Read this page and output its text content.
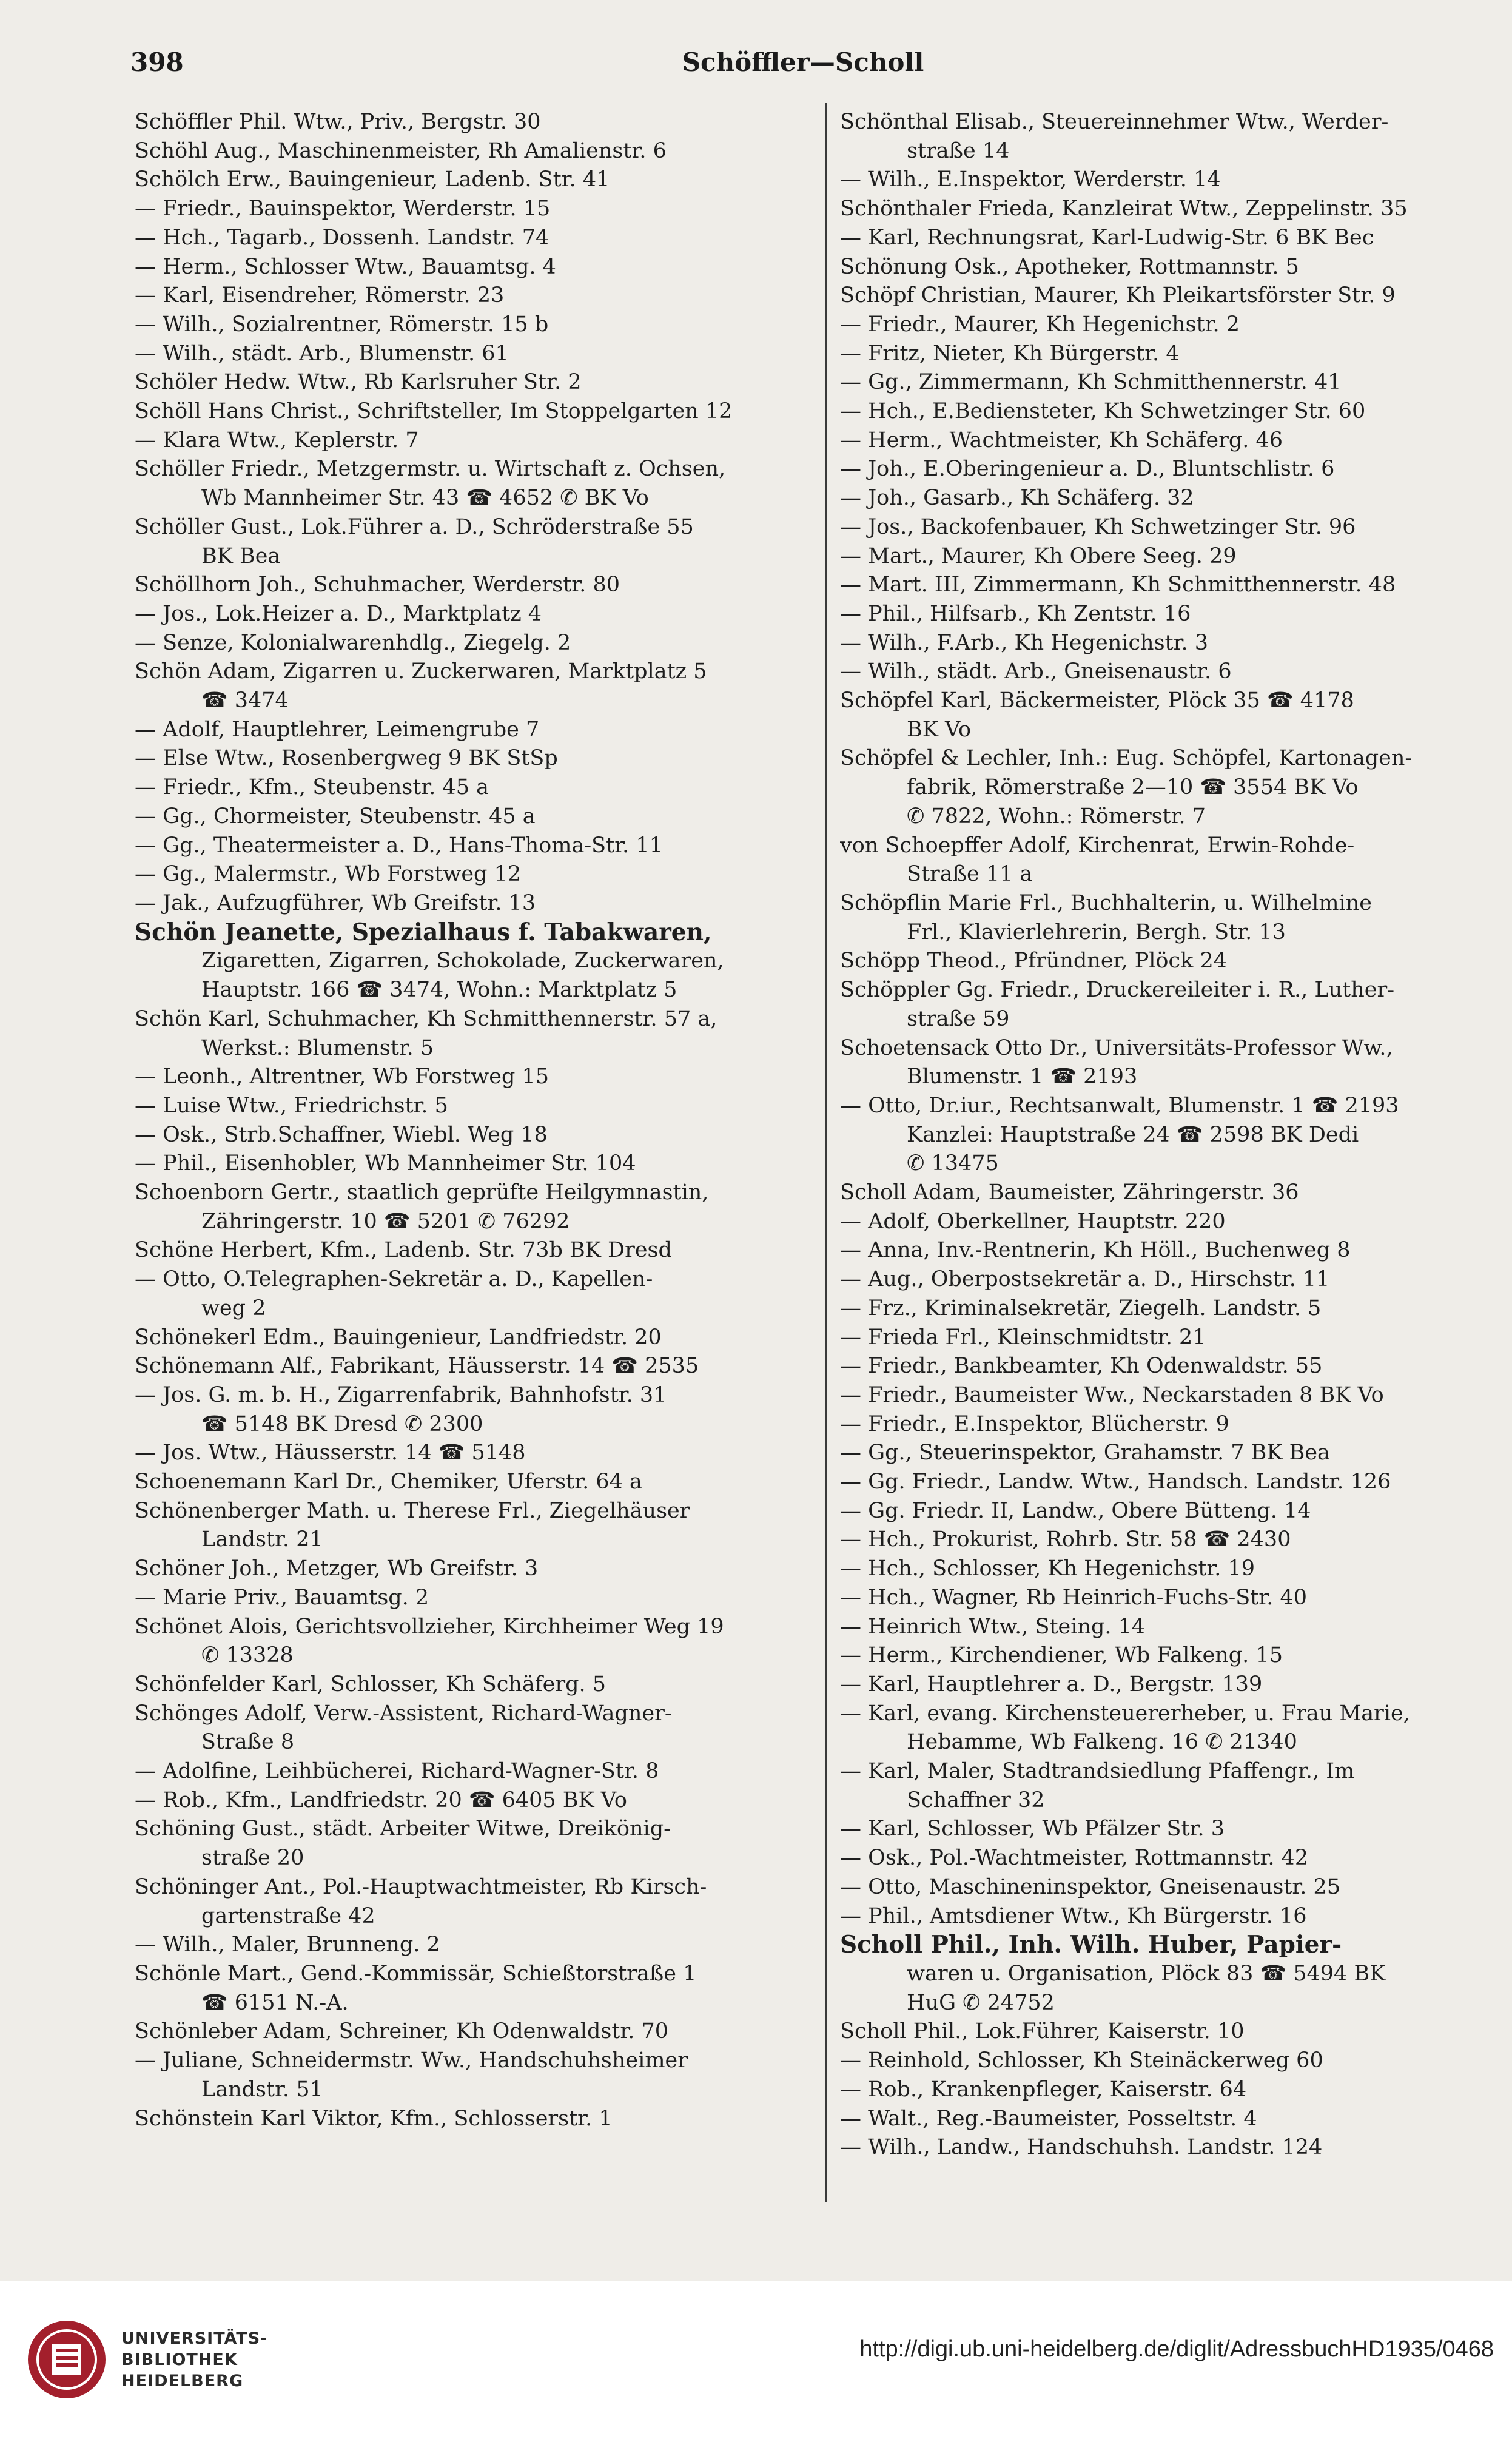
398	Schöffler—Scholl
Schöffler Phil. Wtw., Priv., Bergstr. 30
Schöhl Aug., Maschinenmeister, Rh Amalienstr. 6
Schölch Erw., Bauingenieur, Ladenb. Str. 41
— Friedr., Bauinspektor, Werderstr. 15
— Hch., Tagarb., Dossenh. Landstr. 74
— Herm., Schlosser Wtw., Bauamtsg. 4
— Karl, Eisendreher, Römerstr. 23
— Wilh., Sozialrentner, Römerstr. 15 b
— Wilh., städt. Arb., Blumenstr. 61
Schöler Hedw. Wtw., Rb Karlsruher Str. 2
Schöll Hans Christ., Schriftsteller, Im Stoppelgarten 12
— Klara Wtw., Keplerstr. 7
Schöller Friedr., Metzgermstr. u. Wirtschaft z. Ochsen,
Wb Mannheimer Str. 43 ☎ 4652 ✆ BK Vo
Schöller Gust., Lok.Führer a. D., Schröderstraße 55
BK Bea
Schöllhorn Joh., Schuhmacher, Werderstr. 80
— Jos., Lok.Heizer a. D., Marktplatz 4
— Senze, Kolonialwarenhdlg., Ziegelg. 2
Schön Adam, Zigarren u. Zuckerwaren, Marktplatz 5
☎ 3474
— Adolf, Hauptlehrer, Leimengrube 7
— Else Wtw., Rosenbergweg 9 BK StSp
— Friedr., Kfm., Steubenstr. 45 a
— Gg., Chormeister, Steubenstr. 45 a
— Gg., Theatermeister a. D., Hans-Thoma-Str. 11
— Gg., Malermstr., Wb Forstweg 12
— Jak., Aufzugführer, Wb Greifstr. 13
Schön Jeanette, Spezialhaus f. Tabakwaren,
Zigaretten, Zigarren, Schokolade, Zuckerwaren,
Hauptstr. 166 ☎ 3474, Wohn.: Marktplatz 5
Schön Karl, Schuhmacher, Kh Schmitthennerstr. 57 a,
Werkst.: Blumenstr. 5
— Leonh., Altrentner, Wb Forstweg 15
— Luise Wtw., Friedrichstr. 5
— Osk., Strb.Schaffner, Wiebl. Weg 18
— Phil., Eisenhobler, Wb Mannheimer Str. 104
Schoenborn Gertr., staatlich geprüfte Heilgymnastin,
Zähringerstr. 10 ☎ 5201 ✆ 76292
Schöne Herbert, Kfm., Ladenb. Str. 73b BK Dresd
— Otto, O.Telegraphen-Sekretär a. D., Kapellen-
weg 2
Schönekerl Edm., Bauingenieur, Landfriedstr. 20
Schönemann Alf., Fabrikant, Häusserstr. 14 ☎ 2535
— Jos. G. m. b. H., Zigarrenfabrik, Bahnhofstr. 31
☎ 5148 BK Dresd ✆ 2300
— Jos. Wtw., Häusserstr. 14 ☎ 5148
Schoenemann Karl Dr., Chemiker, Uferstr. 64 a
Schönenberger Math. u. Therese Frl., Ziegelhäuser
Landstr. 21
Schöner Joh., Metzger, Wb Greifstr. 3
— Marie Priv., Bauamtsg. 2
Schönet Alois, Gerichtsvollzieher, Kirchheimer Weg 19
✆ 13328
Schönfelder Karl, Schlosser, Kh Schäferg. 5
Schönges Adolf, Verw.-Assistent, Richard-Wagner-
Straße 8
— Adolfine, Leihbücherei, Richard-Wagner-Str. 8
— Rob., Kfm., Landfriedstr. 20 ☎ 6405 BK Vo
Schöning Gust., städt. Arbeiter Witwe, Dreikönig-
straße 20
Schöninger Ant., Pol.-Hauptwachtmeister, Rb Kirsch-
gartenstraße 42
— Wilh., Maler, Brunneng. 2
Schönle Mart., Gend.-Kommissär, Schießtorstraße 1
☎ 6151 N.-A.
Schönleber Adam, Schreiner, Kh Odenwaldstr. 70
— Juliane, Schneidermstr. Ww., Handschuhsheimer
Landstr. 51
Schönstein Karl Viktor, Kfm., Schlosserstr. 1
Schönthal Elisab., Steuereinnehmer Wtw., Werder-
straße 14
— Wilh., E.Inspektor, Werderstr. 14
Schönthaler Frieda, Kanzleirat Wtw., Zeppelinstr. 35
— Karl, Rechnungsrat, Karl-Ludwig-Str. 6 BK Bec
Schönung Osk., Apotheker, Rottmannstr. 5
Schöpf Christian, Maurer, Kh Pleikartsförster Str. 9
— Friedr., Maurer, Kh Hegenichstr. 2
— Fritz, Nieter, Kh Bürgerstr. 4
— Gg., Zimmermann, Kh Schmitthennerstr. 41
— Hch., E.Bediensteter, Kh Schwetzinger Str. 60
— Herm., Wachtmeister, Kh Schäferg. 46
— Joh., E.Oberingenieur a. D., Bluntschlistr. 6
— Joh., Gasarb., Kh Schäferg. 32
— Jos., Backofenbauer, Kh Schwetzinger Str. 96
— Mart., Maurer, Kh Obere Seeg. 29
— Mart. III, Zimmermann, Kh Schmitthennerstr. 48
— Phil., Hilfsarb., Kh Zentstr. 16
— Wilh., F.Arb., Kh Hegenichstr. 3
— Wilh., städt. Arb., Gneisenaustr. 6
Schöpfel Karl, Bäckermeister, Plöck 35 ☎ 4178
BK Vo
Schöpfel & Lechler, Inh.: Eug. Schöpfel, Kartonagen-
fabrik, Römerstraße 2—10 ☎ 3554 BK Vo
✆ 7822, Wohn.: Römerstr. 7
von Schoepffer Adolf, Kirchenrat, Erwin-Rohde-
Straße 11 a
Schöpflin Marie Frl., Buchhalterin, u. Wilhelmine
Frl., Klavierlehrerin, Bergh. Str. 13
Schöpp Theod., Pfründner, Plöck 24
Schöppler Gg. Friedr., Druckereileiter i. R., Luther-
straße 59
Schoetensack Otto Dr., Universitäts-Professor Ww.,
Blumenstr. 1 ☎ 2193
— Otto, Dr.iur., Rechtsanwalt, Blumenstr. 1 ☎ 2193
Kanzlei: Hauptstraße 24 ☎ 2598 BK Dedi
✆ 13475
Scholl Adam, Baumeister, Zähringerstr. 36
— Adolf, Oberkellner, Hauptstr. 220
— Anna, Inv.-Rentnerin, Kh Höll., Buchenweg 8
— Aug., Oberpostsekretär a. D., Hirschstr. 11
— Frz., Kriminalsekretär, Ziegelh. Landstr. 5
— Frieda Frl., Kleinschmidtstr. 21
— Friedr., Bankbeamter, Kh Odenwaldstr. 55
— Friedr., Baumeister Ww., Neckarstaden 8 BK Vo
— Friedr., E.Inspektor, Blücherstr. 9
— Gg., Steuerinspektor, Grahamstr. 7 BK Bea
— Gg. Friedr., Landw. Wtw., Handsch. Landstr. 126
— Gg. Friedr. II, Landw., Obere Bütteng. 14
— Hch., Prokurist, Rohrb. Str. 58 ☎ 2430
— Hch., Schlosser, Kh Hegenichstr. 19
— Hch., Wagner, Rb Heinrich-Fuchs-Str. 40
— Heinrich Wtw., Steing. 14
— Herm., Kirchendiener, Wb Falkeng. 15
— Karl, Hauptlehrer a. D., Bergstr. 139
— Karl, evang. Kirchensteuererheber, u. Frau Marie,
Hebamme, Wb Falkeng. 16 ✆ 21340
— Karl, Maler, Stadtrandsiedlung Pfaffengr., Im
Schaffner 32
— Karl, Schlosser, Wb Pfälzer Str. 3
— Osk., Pol.-Wachtmeister, Rottmannstr. 42
— Otto, Maschineninspektor, Gneisenaustr. 25
— Phil., Amtsdiener Wtw., Kh Bürgerstr. 16
Scholl Phil., Inh. Wilh. Huber, Papier-
waren u. Organisation, Plöck 83 ☎ 5494 BK
HuG ✆ 24752
Scholl Phil., Lok.Führer, Kaiserstr. 10
— Reinhold, Schlosser, Kh Steinäckerweg 60
— Rob., Krankenpfleger, Kaiserstr. 64
— Walt., Reg.-Baumeister, Posseltstr. 4
— Wilh., Landw., Handschuhsh. Landstr. 124
UNIVERSITÄTS-
BIBLIOTHEK
HEIDELBERG
http://digi.ub.uni-heidelberg.de/diglit/AdressbuchHD1935/0468
